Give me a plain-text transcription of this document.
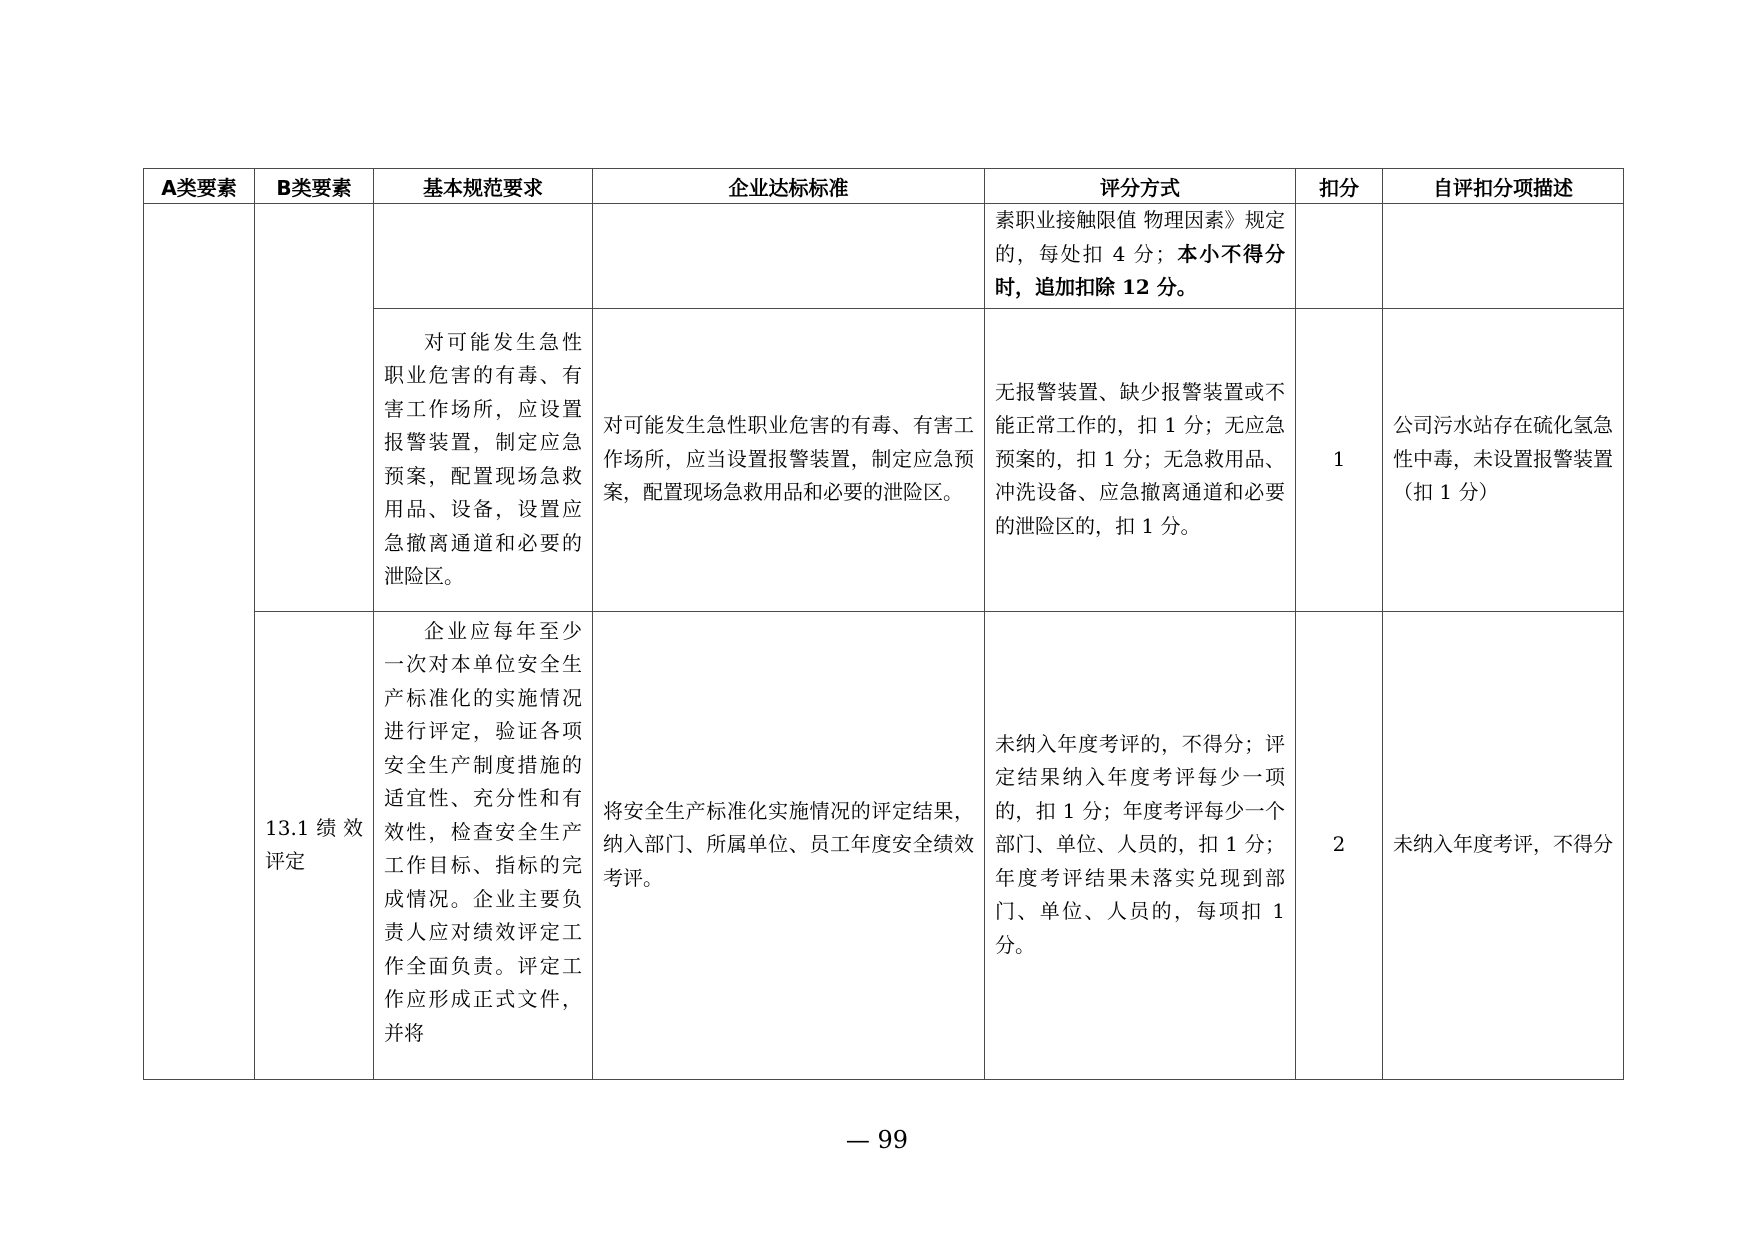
A类要素	B类要素	基本规范要求	企业达标标准	评分方式	扣分	自评扣分项描述

				素职业接触限值 物理因素》规定的，每处扣 4 分；本小不得分时，追加扣除 12 分。		

		对可能发生急性职业危害的有毒、有害工作场所，应设置报警装置，制定应急预案，配置现场急救用品、设备，设置应急撤离通道和必要的泄险区。	对可能发生急性职业危害的有毒、有害工作场所，应当设置报警装置，制定应急预案，配置现场急救用品和必要的泄险区。	无报警装置、缺少报警装置或不能正常工作的，扣 1 分；无应急预案的，扣 1 分；无急救用品、冲洗设备、应急撤离通道和必要的泄险区的，扣 1 分。	1	公司污水站存在硫化氢急性中毒，未设置报警装置（扣 1 分）

	13.1绩效评定	企业应每年至少一次对本单位安全生产标准化的实施情况进行评定，验证各项安全生产制度措施的适宜性、充分性和有效性，检查安全生产工作目标、指标的完成情况。企业主要负责人应对绩效评定工作全面负责。评定工作应形成正式文件，并将	将安全生产标准化实施情况的评定结果，纳入部门、所属单位、员工年度安全绩效考评。	未纳入年度考评的，不得分；评定结果纳入年度考评每少一项的，扣 1 分；年度考评每少一个部门、单位、人员的，扣 1 分；年度考评结果未落实兑现到部门、单位、人员的，每项扣 1 分。	2	未纳入年度考评，不得分
— 99
